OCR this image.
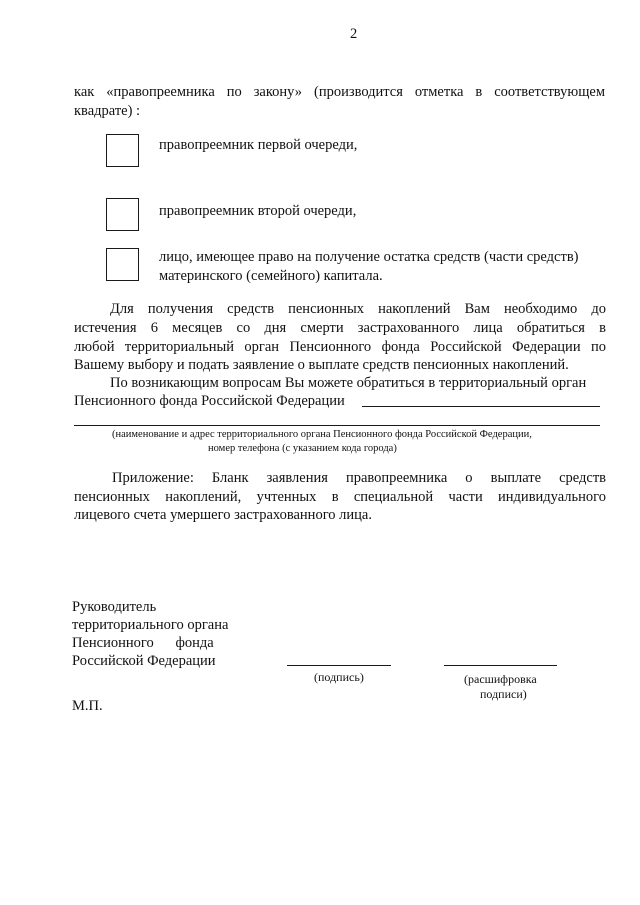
2
как «правопреемника по закону» (производится отметка в соответствующем
квадрате) :
правопреемник первой очереди,
правопреемник второй очереди,
лицо, имеющее право на получение остатка средств (части средств)
материнского (семейного) капитала.
Для получения средств пенсионных накоплений Вам необходимо до
истечения 6 месяцев со дня смерти застрахованного лица обратиться в
любой территориальный орган Пенсионного фонда Российской Федерации по
Вашему выбору и подать заявление о выплате средств пенсионных накоплений.
По возникающим вопросам Вы можете обратиться в территориальный орган
Пенсионного фонда Российской Федерации
(наименование и адрес территориального органа Пенсионного фонда Российской Федерации,
номер телефона (с указанием кода города)
Приложение: Бланк заявления правопреемника о выплате средств
пенсионных накоплений, учтенных в специальной части индивидуального
лицевого счета умершего застрахованного лица.
Руководитель
территориального органа
Пенсионного      фонда
Российской Федерации
(подпись)	(расшифровка
подписи)
М.П.
